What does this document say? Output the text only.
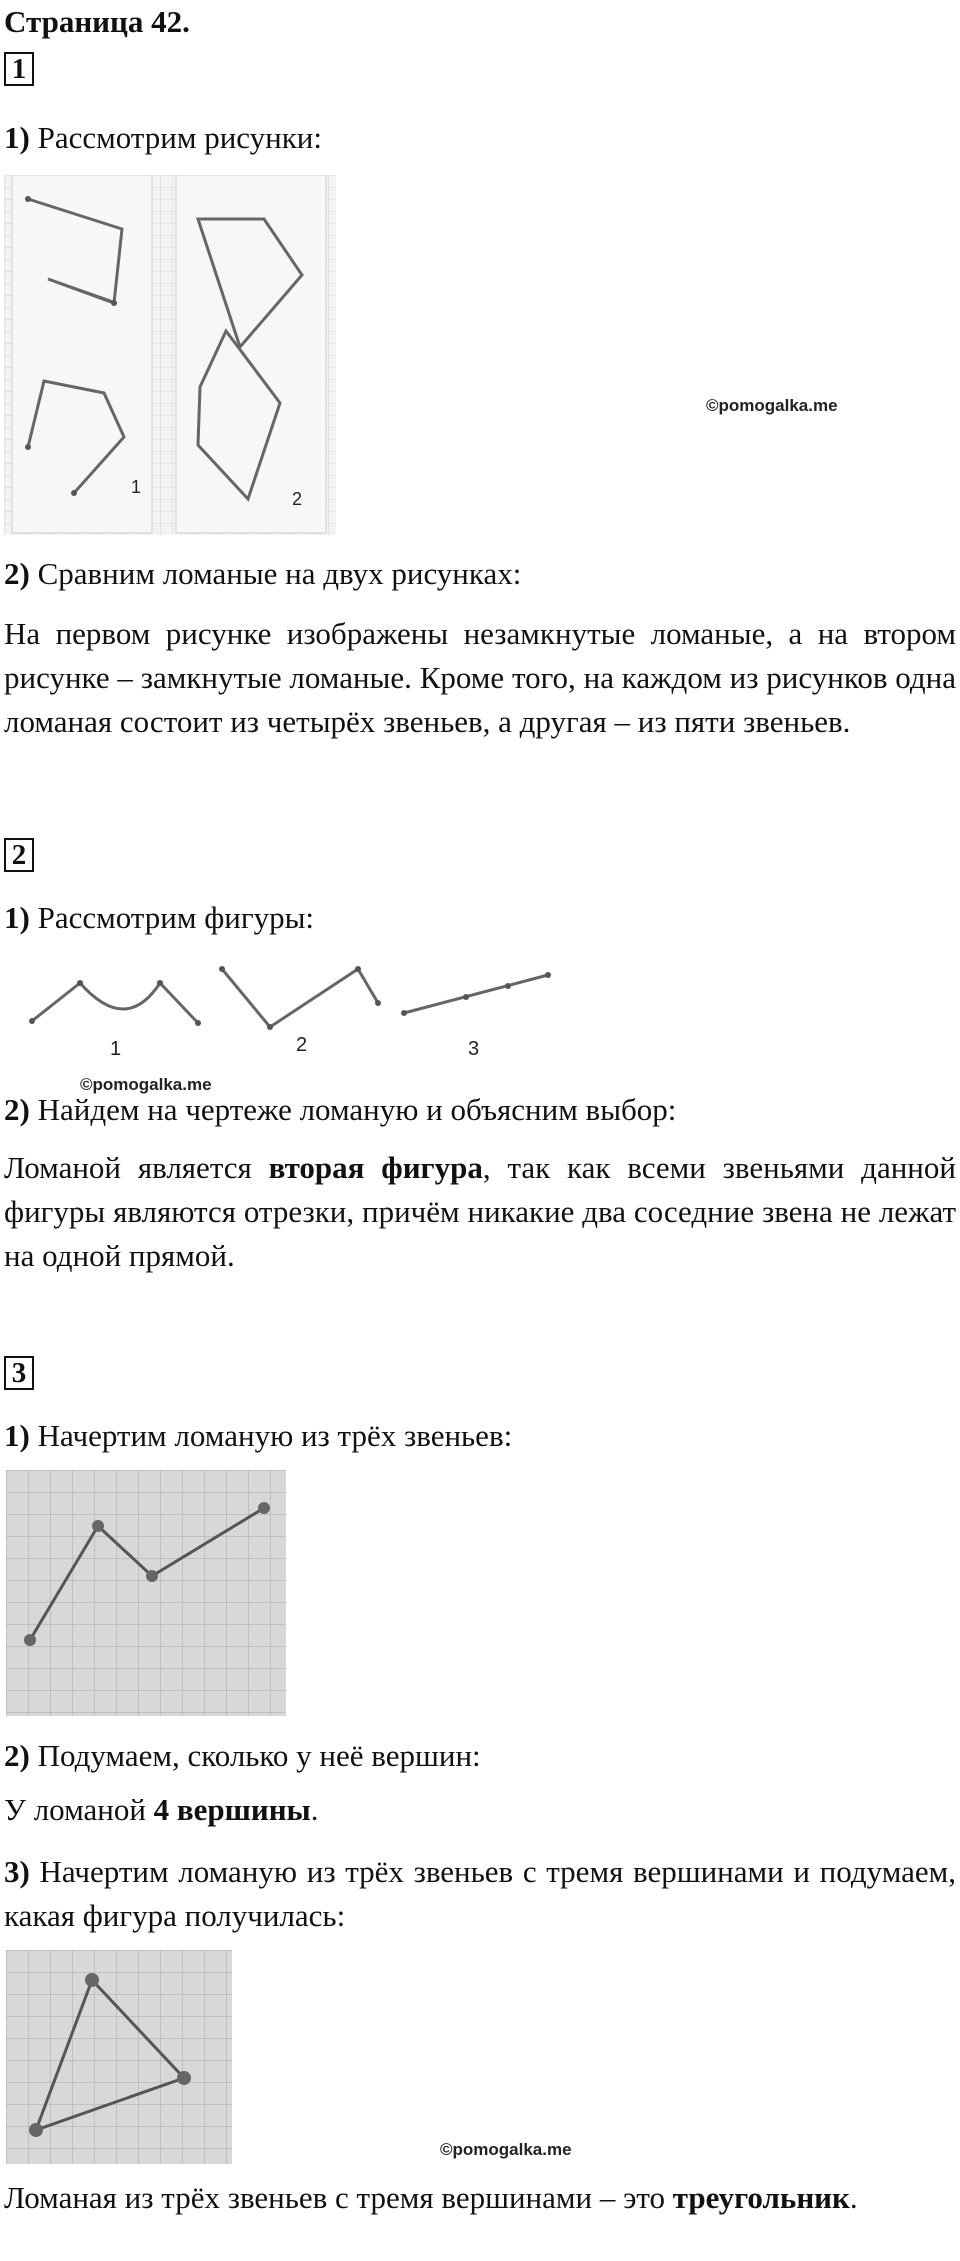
Страница 42.
1
1) Рассмотрим рисунки:
1
2
©pomogalka.me
2) Сравним ломаные на двух рисунках:
На первом рисунке изображены незамкнутые ломаные, а на втором рисунке – замкнутые ломаные. Кроме того, на каждом из рисунков одна ломаная состоит из четырёх звеньев, а другая – из пяти звеньев.
2
1) Рассмотрим фигуры:
1	2	3
©pomogalka.me
2) Найдем на чертеже ломаную и объясним выбор:
Ломаной является вторая фигура, так как всеми звеньями данной фигуры являются отрезки, причём никакие два соседние звена не лежат на одной прямой.
3
1) Начертим ломаную из трёх звеньев:
2) Подумаем, сколько у неё вершин:
У ломаной 4 вершины.
3) Начертим ломаную из трёх звеньев с тремя вершинами и подумаем, какая фигура получилась:
©pomogalka.me
Ломаная из трёх звеньев с тремя вершинами – это треугольник.
